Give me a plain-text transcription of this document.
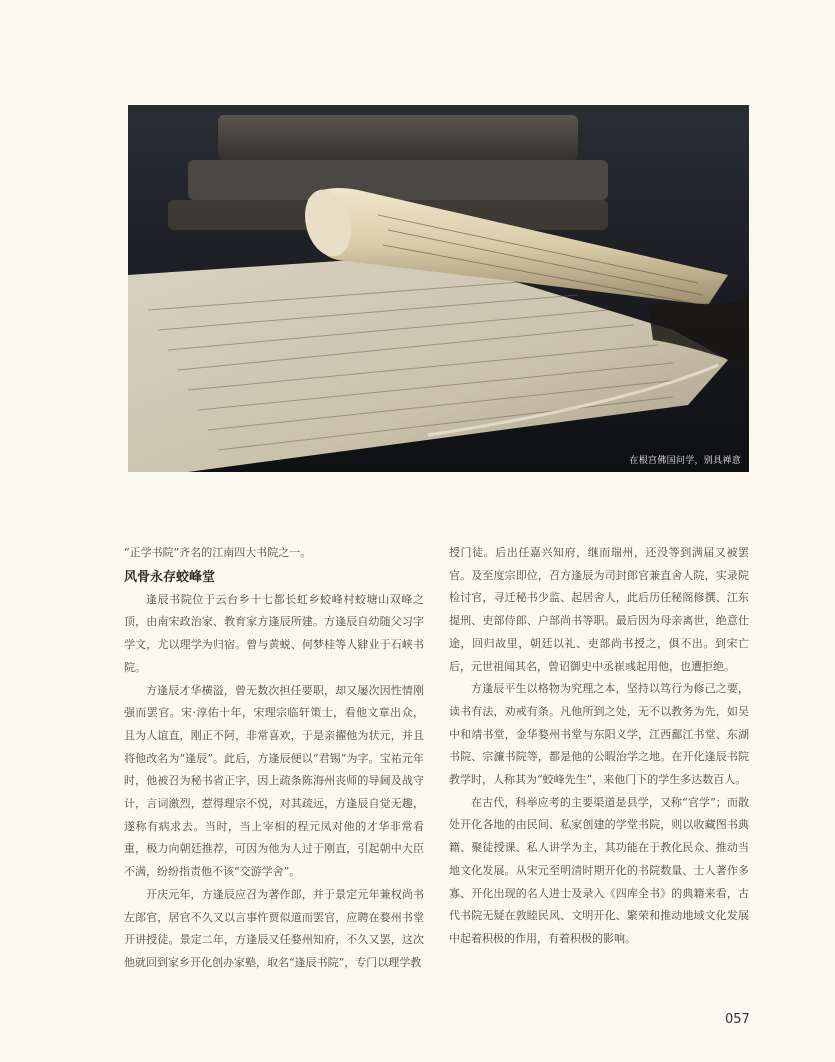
在根宫佛国问学，别具禅意

“正学书院”齐名的江南四大书院之一。

风骨永存蛟峰堂

逢辰书院位于云台乡十七都长虹乡蛟峰村蛟塘山双峰之顶，由南宋政治家、教育家方逢辰所建。方逢辰自幼随父习字学文，尤以理学为归宿。曾与黄蜕、何梦桂等人肄业于石峡书院。

方逢辰才华横溢，曾无数次担任要职，却又屡次因性情刚强而罢官。宋·淳佑十年，宋理宗临轩策士，看他文章出众，且为人谊直，刚正不阿，非常喜欢，于是亲擢他为状元，并且将他改名为“逢辰”。此后，方逢辰便以“君锡”为字。宝祐元年时，他被召为秘书省正字，因上疏条陈海州丧师的导阃及战守计，言词激烈，惹得理宗不悦，对其疏远，方逢辰自觉无趣，遂称有病求去。当时，当上宰相的程元凤对他的才华非常看重，极力向朝廷推荐，可因为他为人过于刚直，引起朝中大臣不满，纷纷指责他不该“交游学舍”。

开庆元年，方逢辰应召为著作郎，并于景定元年兼权尚书左郎官，居官不久又以言事忤贾似道而罢官，应聘在婺州书堂开讲授徒。景定二年，方逢辰又任婺州知府，不久又罢，这次他就回到家乡开化创办家塾，取名“逢辰书院”，专门以理学教

授门徒。后出任嘉兴知府，继而瑞州，还没等到满届又被罢官。及至度宗即位，召方逢辰为司封郎官兼直舍人院，实录院检讨官，寻迁秘书少监、起居舍人，此后历任秘阁修撰、江东提刑、吏部侍郎、户部尚书等职。最后因为母亲离世，绝意仕途，回归故里，朝廷以礼、吏部尚书授之，俱不出。到宋亡后，元世祖闻其名，曾诏御史中丞崔彧起用他，也遭拒绝。

方逢辰平生以格物为究理之本，坚持以笃行为修己之要，读书有法，劝戒有条。凡他所到之处，无不以教务为先，如吴中和靖书堂，金华婺州书堂与东阳义学，江西鄱江书堂、东湖书院、宗濂书院等，都是他的公暇治学之地。在开化逢辰书院教学时，人称其为“蛟峰先生”，来他门下的学生多达数百人。

在古代，科举应考的主要渠道是县学，又称“官学”；而散处开化各地的由民间、私家创建的学堂书院，则以收藏图书典籍、聚徒授课、私人讲学为主，其功能在于教化民众、推动当地文化发展。从宋元至明清时期开化的书院数量、士人著作多寡、开化出现的名人进士及录入《四库全书》的典籍来看，古代书院无疑在敦睦民风、文明开化、繁荣和推动地域文化发展中起着积极的作用，有着积极的影响。

057
